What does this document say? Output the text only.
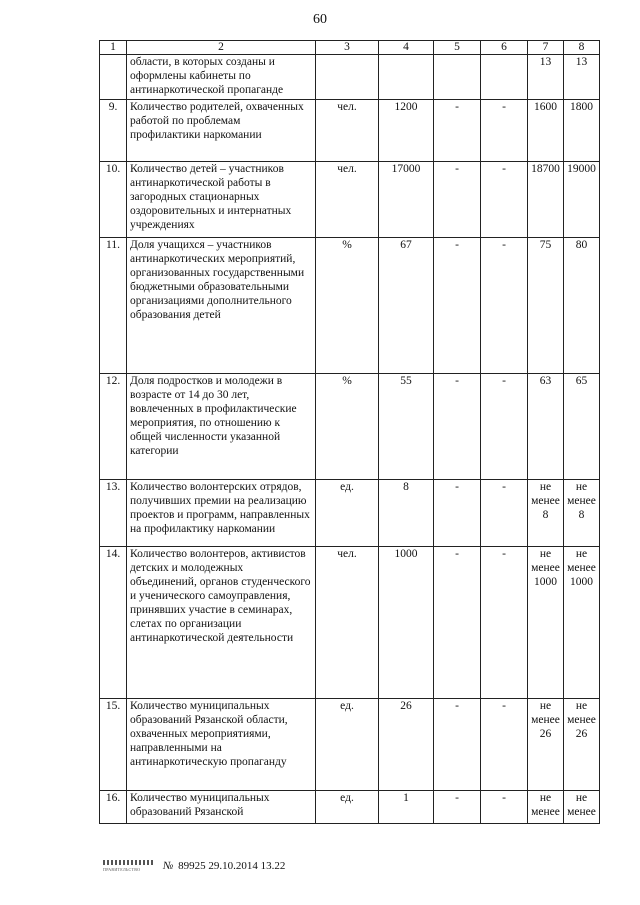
60
1	2	3	4	5	6	7	8
	области, в которых созданы и оформлены кабинеты по антинаркотической пропаганде					13	13
9.	Количество родителей, охваченных работой по проблемам профилактики наркомании	чел.	1200	-	-	1600	1800
10.	Количество детей – участников антинаркотической работы в загородных стационарных оздоровительных и интернатных учреждениях	чел.	17000	-	-	18700	19000
11.	Доля учащихся – участников антинаркотических мероприятий, организованных государственными бюджетными образовательными организациями дополнительного образования детей	%	67	-	-	75	80
12.	Доля подростков и молодежи в возрасте от 14 до 30 лет, вовлеченных в профилактические мероприятия, по отношению к общей численности указанной категории	%	55	-	-	63	65
13.	Количество волонтерских отрядов, получивших премии на реализацию проектов и программ, направленных на профилактику наркомании	ед.	8	-	-	не менее 8	не менее 8
14.	Количество волонтеров, активистов детских и молодежных объединений, органов студенческого и ученического самоуправления, принявших участие в семинарах, слетах по организации антинаркотической деятельности	чел.	1000	-	-	не менее 1000	не менее 1000
15.	Количество муниципальных образований Рязанской области, охваченных мероприятиями, направленными на антинаркотическую пропаганду	ед.	26	-	-	не менее 26	не менее 26
16.	Количество муниципальных образований Рязанской	ед.	1	-	-	не менее	не менее
ПРАВИТЕЛЬСТВО № 89925 29.10.2014 13.22
